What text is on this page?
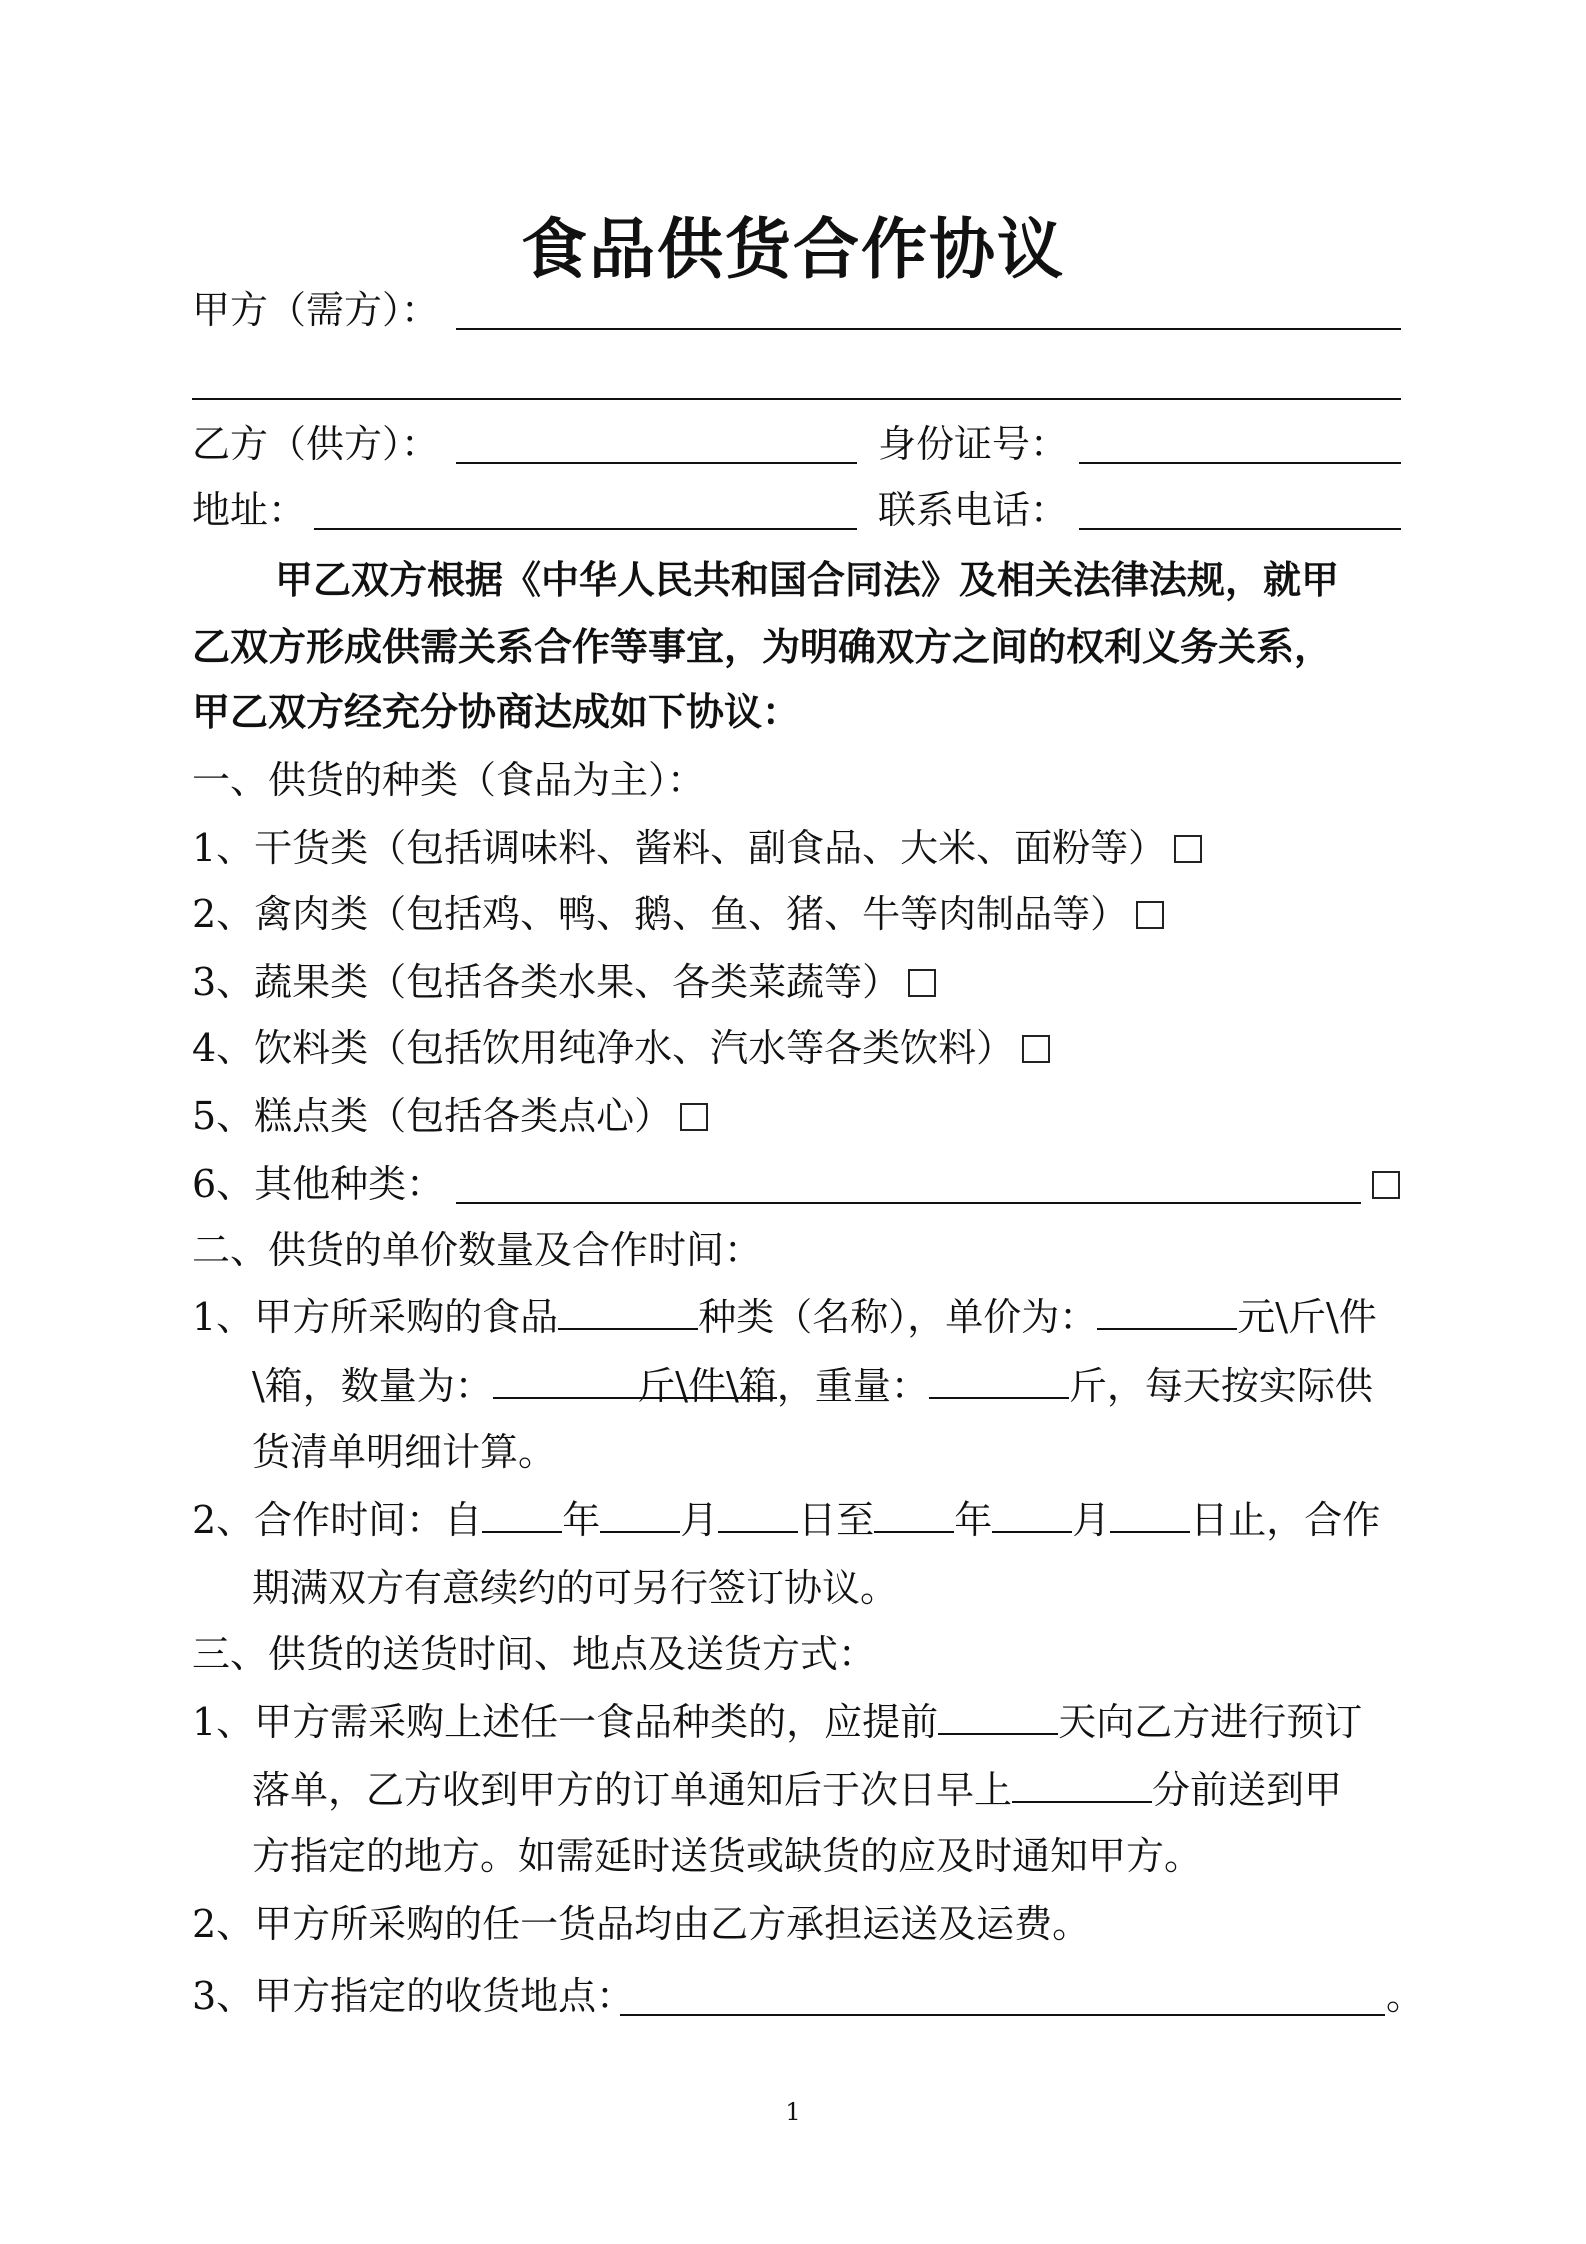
食品供货合作协议
甲方（需方）：
乙方（供方）：	身份证号：
地址：	联系电话：
甲乙双方根据《中华人民共和国合同法》及相关法律法规，就甲
乙双方形成供需关系合作等事宜，为明确双方之间的权利义务关系，
甲乙双方经充分协商达成如下协议：
一、供货的种类（食品为主）：
1、干货类（包括调味料、酱料、副食品、大米、面粉等）
2、禽肉类（包括鸡、鸭、鹅、鱼、猪、牛等肉制品等）
3、蔬果类（包括各类水果、各类菜蔬等）
4、饮料类（包括饮用纯净水、汽水等各类饮料）
5、糕点类（包括各类点心）
6、其他种类：
二、供货的单价数量及合作时间：
1、甲方所采购的食品	种类（名称），单价为：	元\斤\件
\箱，数量为：	斤\件\箱，重量：	斤，每天按实际供
货清单明细计算。
2、合作时间：自 年 月 日至 年 月 日止，合作
期满双方有意续约的可另行签订协议。
三、供货的送货时间、地点及送货方式：
1、甲方需采购上述任一食品种类的，应提前	天向乙方进行预订
落单，乙方收到甲方的订单通知后于次日早上	分前送到甲
方指定的地方。如需延时送货或缺货的应及时通知甲方。
2、甲方所采购的任一货品均由乙方承担运送及运费。
3、甲方指定的收货地点：	。
1
